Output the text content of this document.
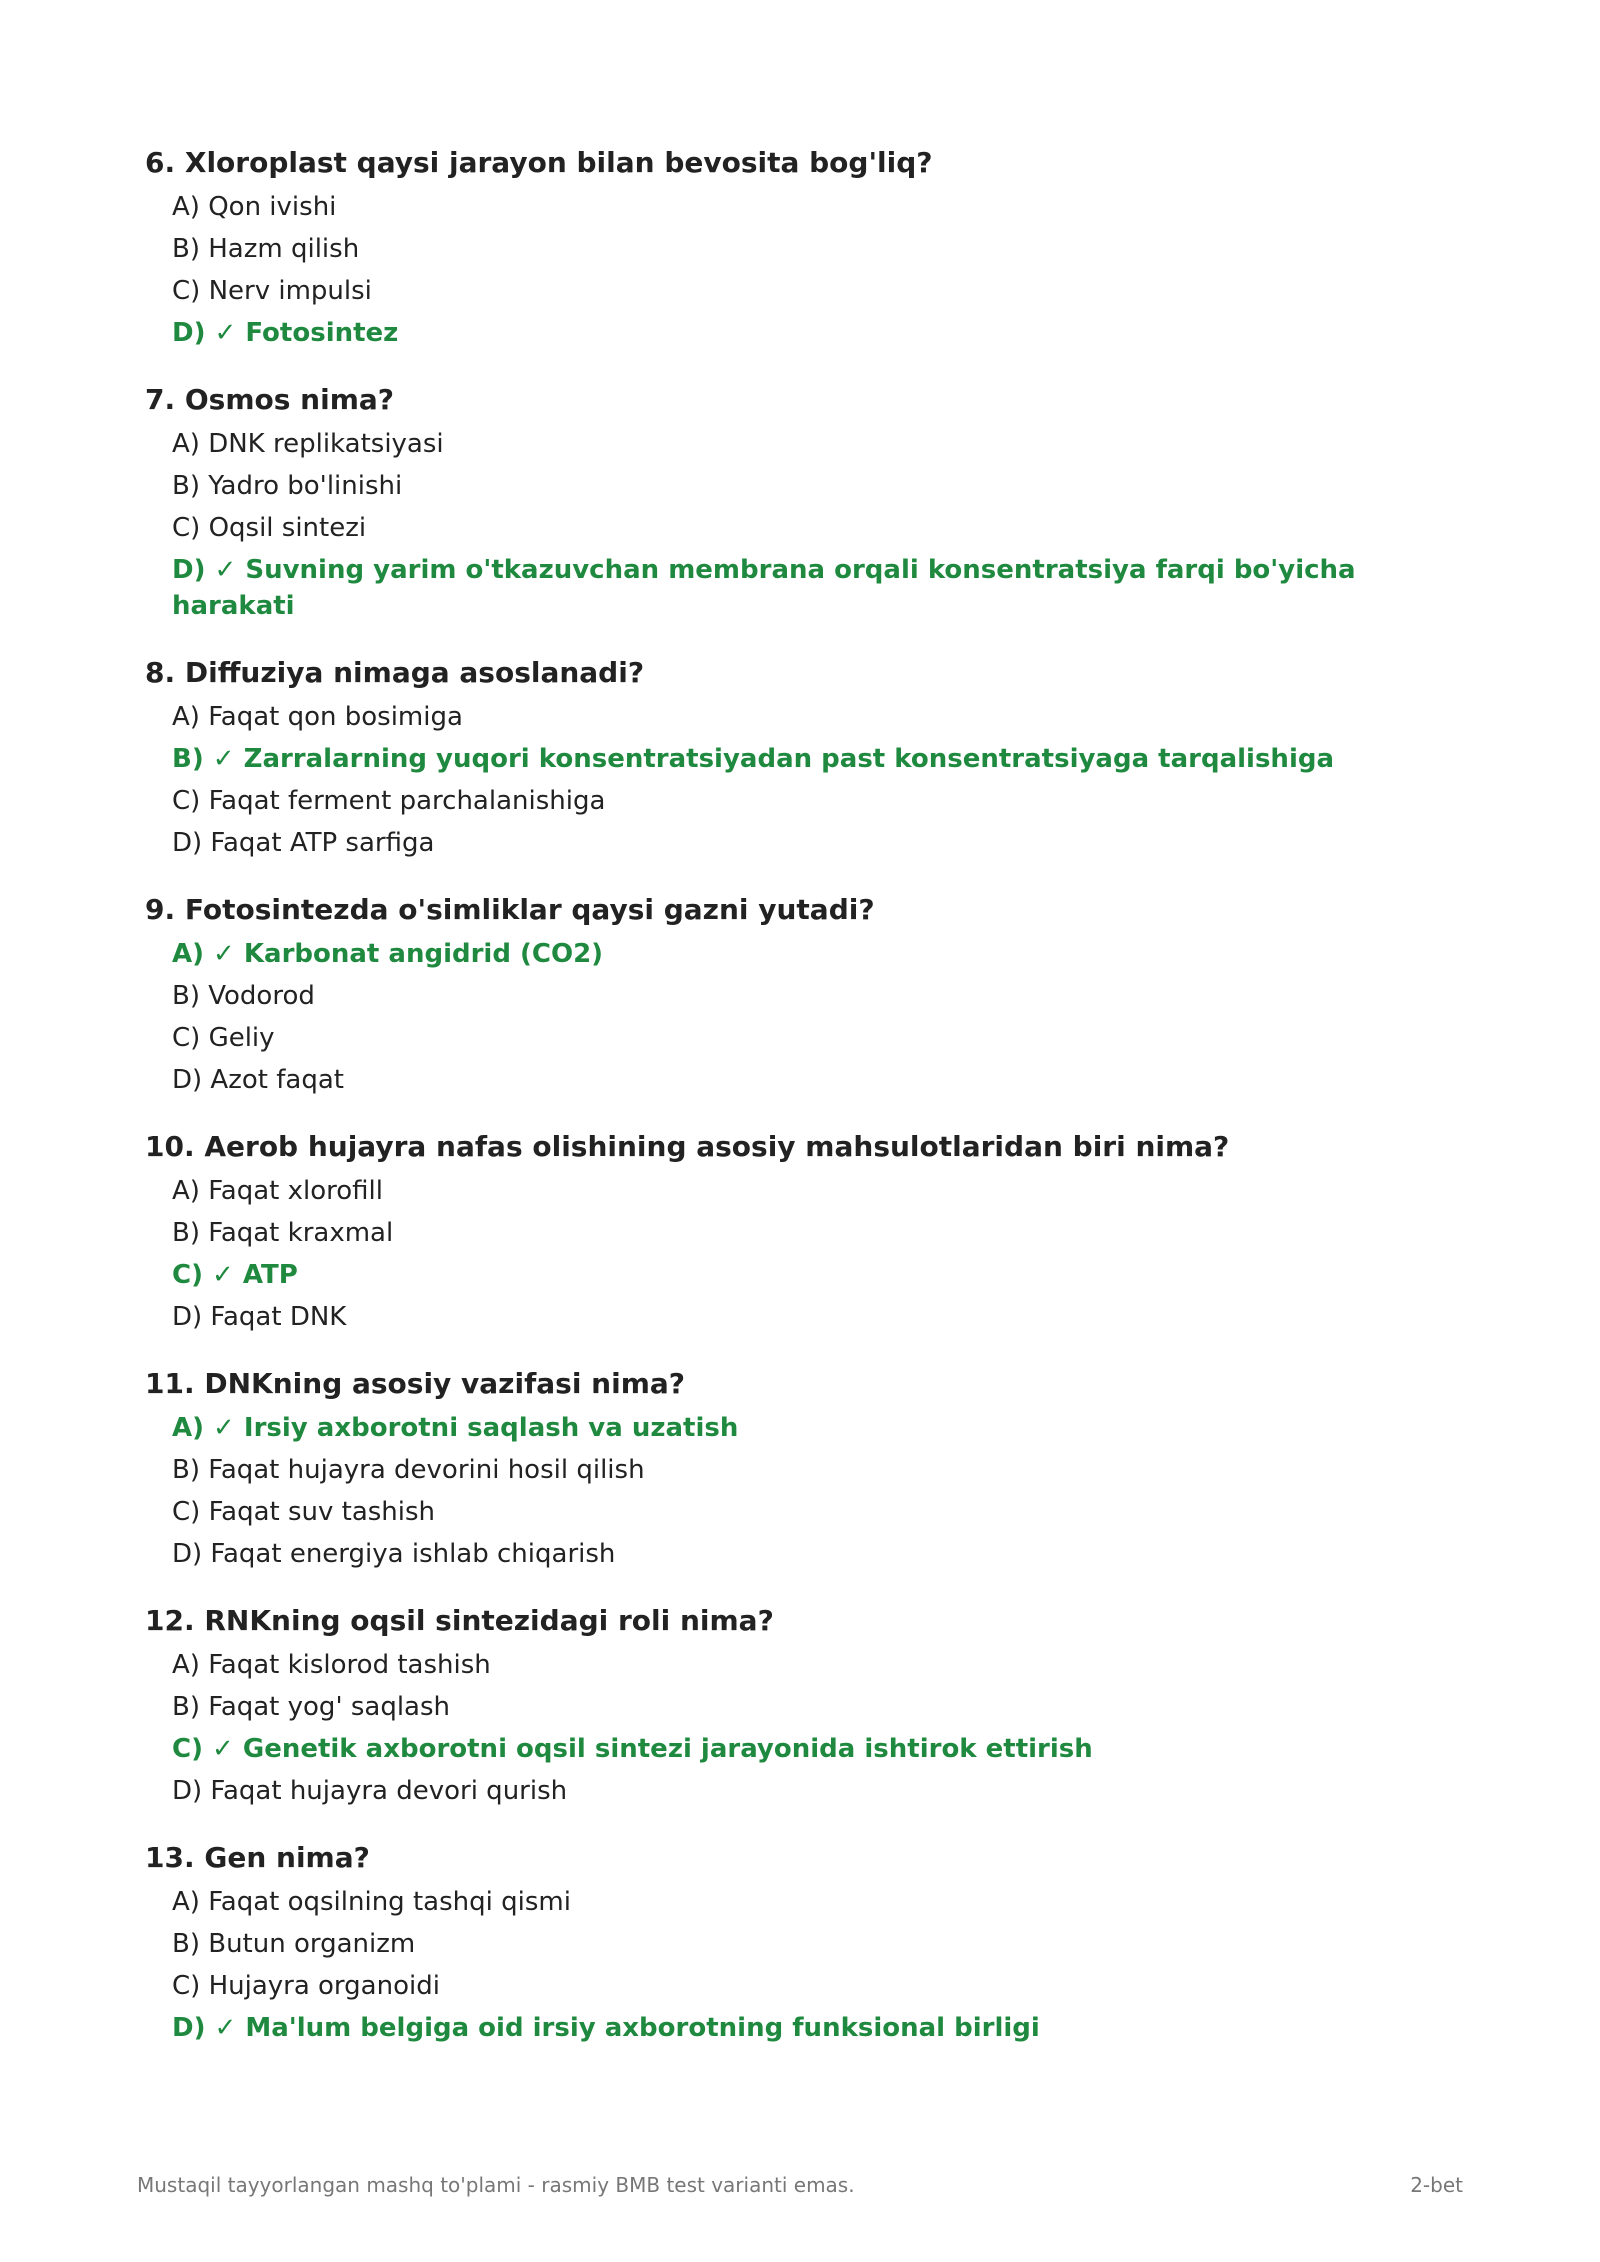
6. Xloroplast qaysi jarayon bilan bevosita bog'liq?
A) Qon ivishi
B) Hazm qilish
C) Nerv impulsi
D) ✓ Fotosintez
7. Osmos nima?
A) DNK replikatsiyasi
B) Yadro bo'linishi
C) Oqsil sintezi
D) ✓ Suvning yarim o'tkazuvchan membrana orqali konsentratsiya farqi bo'yicha harakati
8. Diffuziya nimaga asoslanadi?
A) Faqat qon bosimiga
B) ✓ Zarralarning yuqori konsentratsiyadan past konsentratsiyaga tarqalishiga
C) Faqat ferment parchalanishiga
D) Faqat ATP sarfiga
9. Fotosintezda o'simliklar qaysi gazni yutadi?
A) ✓ Karbonat angidrid (CO2)
B) Vodorod
C) Geliy
D) Azot faqat
10. Aerob hujayra nafas olishining asosiy mahsulotlaridan biri nima?
A) Faqat xlorofill
B) Faqat kraxmal
C) ✓ ATP
D) Faqat DNK
11. DNKning asosiy vazifasi nima?
A) ✓ Irsiy axborotni saqlash va uzatish
B) Faqat hujayra devorini hosil qilish
C) Faqat suv tashish
D) Faqat energiya ishlab chiqarish
12. RNKning oqsil sintezidagi roli nima?
A) Faqat kislorod tashish
B) Faqat yog' saqlash
C) ✓ Genetik axborotni oqsil sintezi jarayonida ishtirok ettirish
D) Faqat hujayra devori qurish
13. Gen nima?
A) Faqat oqsilning tashqi qismi
B) Butun organizm
C) Hujayra organoidi
D) ✓ Ma'lum belgiga oid irsiy axborotning funksional birligi
Mustaqil tayyorlangan mashq to'plami - rasmiy BMB test varianti emas.	2-bet
